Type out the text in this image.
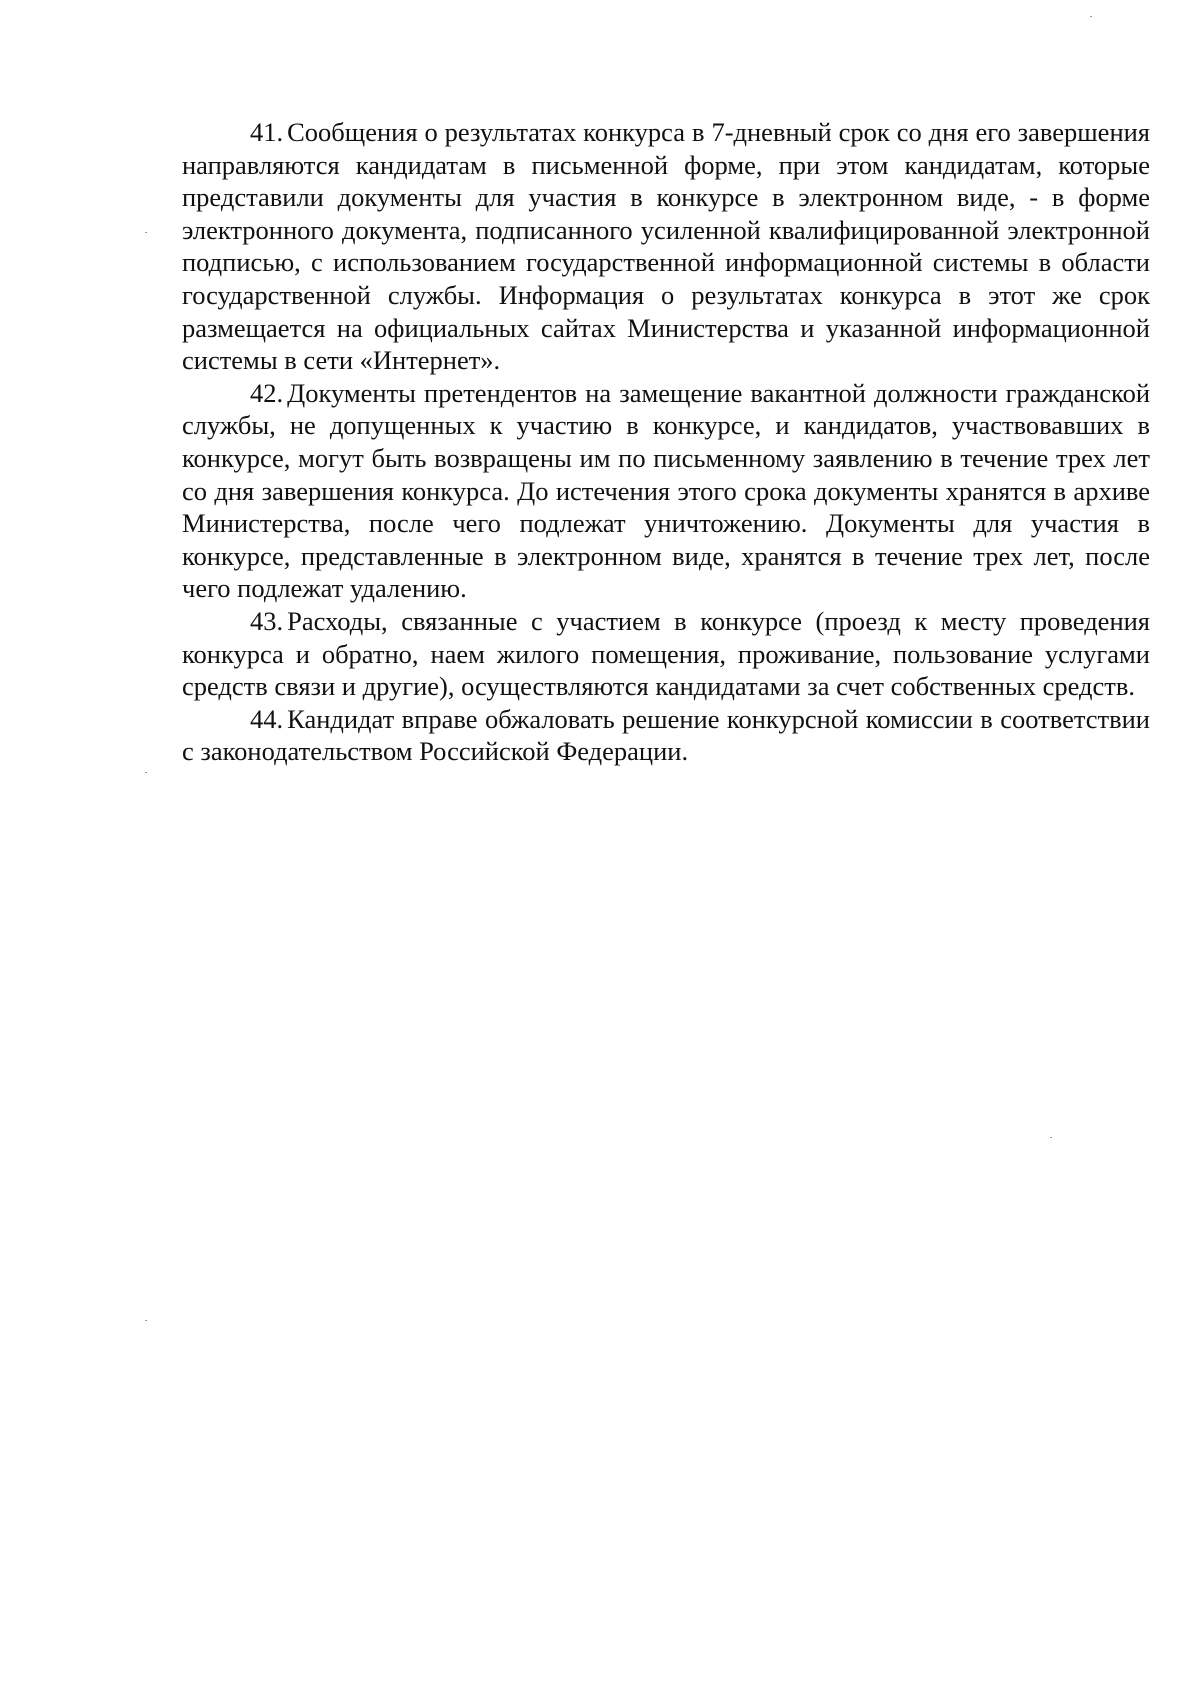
41. Сообщения о результатах конкурса в 7-дневный срок со дня его завершения направляются кандидатам в письменной форме, при этом кандидатам, которые представили документы для участия в конкурсе в электронном виде, - в форме электронного документа, подписанного усиленной квалифицированной электронной подписью, с использованием государственной информационной системы в области государственной службы. Информация о результатах конкурса в этот же срок размещается на официальных сайтах Министерства и указанной информационной системы в сети «Интернет».

42. Документы претендентов на замещение вакантной должности гражданской службы, не допущенных к участию в конкурсе, и кандидатов, участвовавших в конкурсе, могут быть возвращены им по письменному заявлению в течение трех лет со дня завершения конкурса. До истечения этого срока документы хранятся в архиве Министерства, после чего подлежат уничтожению. Документы для участия в конкурсе, представленные в электронном виде, хранятся в течение трех лет, после чего подлежат удалению.

43. Расходы, связанные с участием в конкурсе (проезд к месту проведения конкурса и обратно, наем жилого помещения, проживание, пользование услугами средств связи и другие), осуществляются кандидатами за счет собственных средств.

44. Кандидат вправе обжаловать решение конкурсной комиссии в соответствии с законодательством Российской Федерации.
